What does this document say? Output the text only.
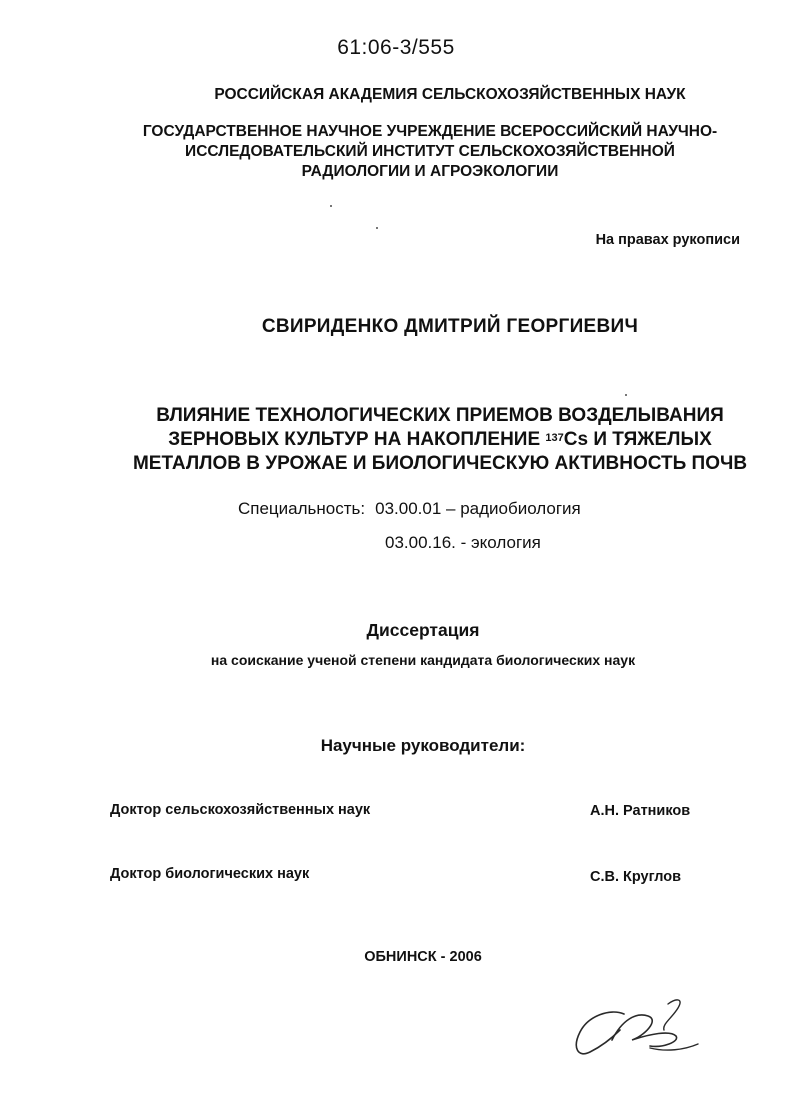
61:06-3/555
РОССИЙСКАЯ АКАДЕМИЯ СЕЛЬСКОХОЗЯЙСТВЕННЫХ НАУК
ГОСУДАРСТВЕННОЕ НАУЧНОЕ УЧРЕЖДЕНИЕ ВСЕРОССИЙСКИЙ НАУЧНО-
ИССЛЕДОВАТЕЛЬСКИЙ ИНСТИТУТ СЕЛЬСКОХОЗЯЙСТВЕННОЙ
РАДИОЛОГИИ И АГРОЭКОЛОГИИ
На правах рукописи
СВИРИДЕНКО ДМИТРИЙ ГЕОРГИЕВИЧ
ВЛИЯНИЕ ТЕХНОЛОГИЧЕСКИХ ПРИЕМОВ ВОЗДЕЛЫВАНИЯ
ЗЕРНОВЫХ КУЛЬТУР НА НАКОПЛЕНИЕ $^{137}$Cs И ТЯЖЕЛЫХ
МЕТАЛЛОВ В УРОЖАЕ И БИОЛОГИЧЕСКУЮ АКТИВНОСТЬ ПОЧВ
Специальность: 03.00.01 – радиобиология
03.00.16. - экология
Диссертация
на соискание ученой степени кандидата биологических наук
Научные руководители:
Доктор сельскохозяйственных наук	А.Н. Ратников
Доктор биологических наук	С.В. Круглов
ОБНИНСК - 2006
